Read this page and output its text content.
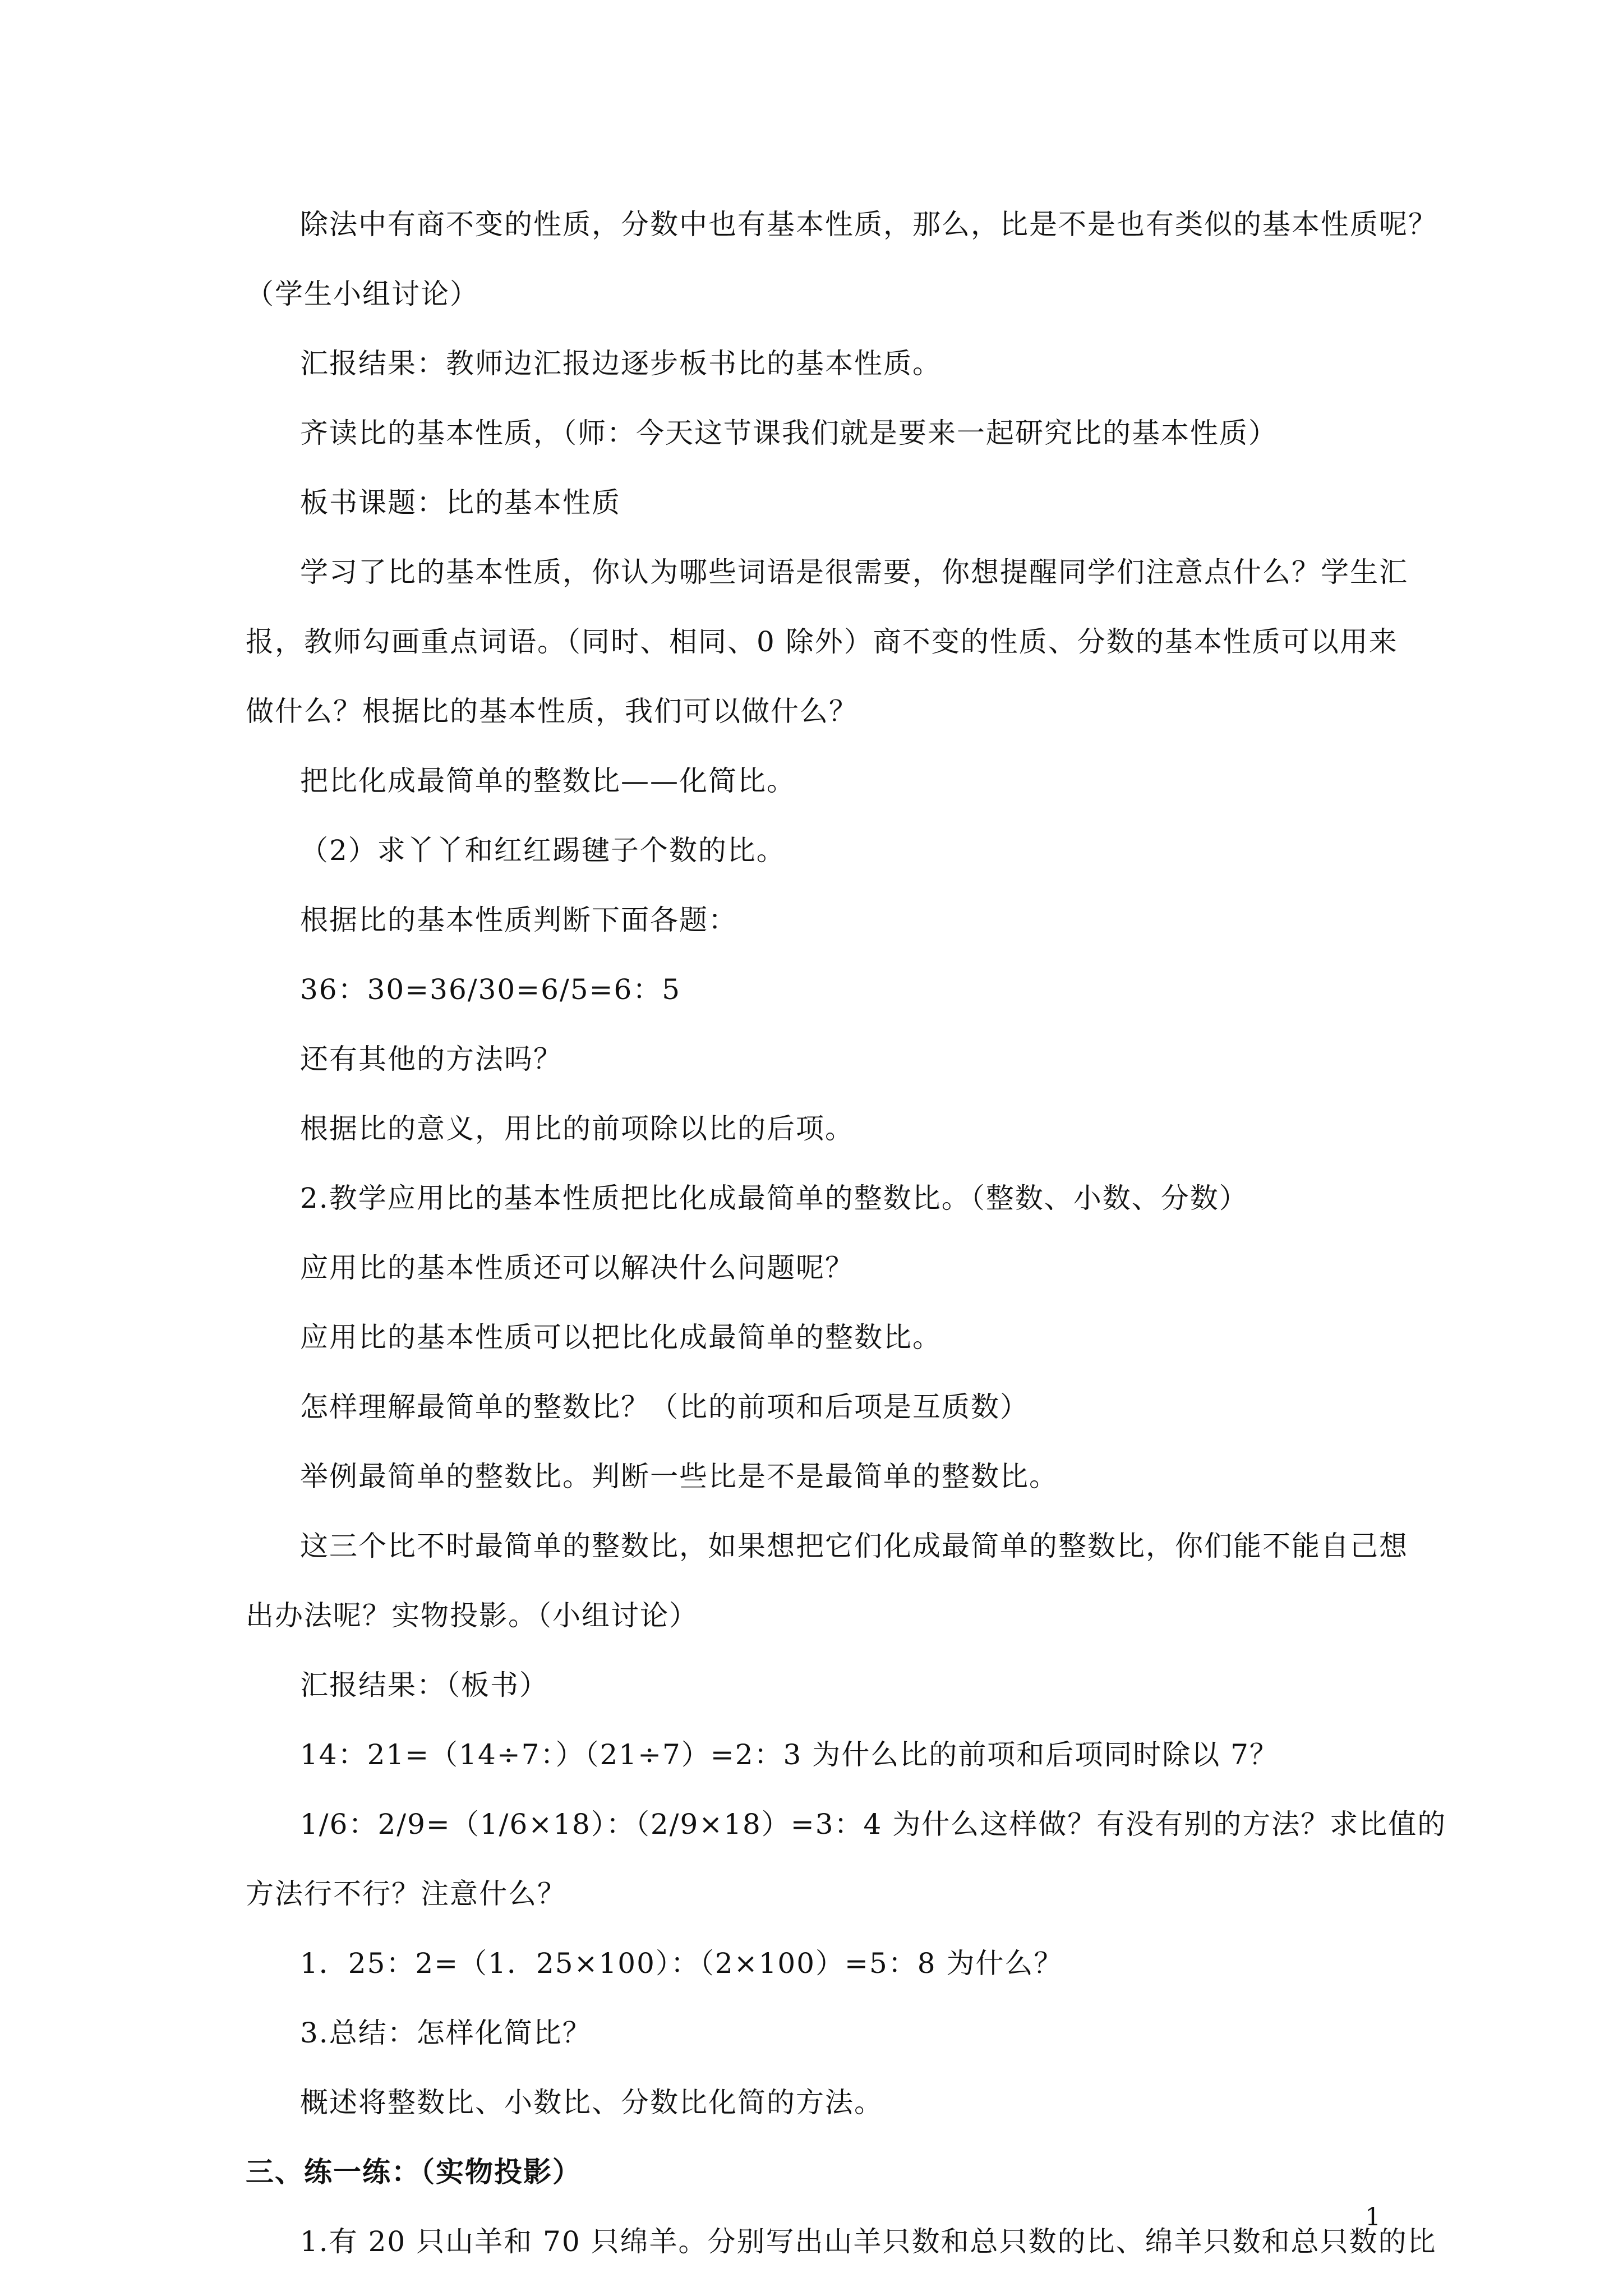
除法中有商不变的性质，分数中也有基本性质，那么，比是不是也有类似的基本性质呢？
（学生小组讨论）
汇报结果：教师边汇报边逐步板书比的基本性质。
齐读比的基本性质，（师：今天这节课我们就是要来一起研究比的基本性质）
板书课题：比的基本性质
学习了比的基本性质，你认为哪些词语是很需要，你想提醒同学们注意点什么？学生汇
报，教师勾画重点词语。（同时、相同、0 除外）商不变的性质、分数的基本性质可以用来
做什么？根据比的基本性质，我们可以做什么？
把比化成最简单的整数比——化简比。
（2）求丫丫和红红踢毽子个数的比。
根据比的基本性质判断下面各题：
36：30=36/30=6/5=6：5
还有其他的方法吗？
根据比的意义，用比的前项除以比的后项。
2.教学应用比的基本性质把比化成最简单的整数比。（整数、小数、分数）
应用比的基本性质还可以解决什么问题呢？
应用比的基本性质可以把比化成最简单的整数比。
怎样理解最简单的整数比？（比的前项和后项是互质数）
举例最简单的整数比。判断一些比是不是最简单的整数比。
这三个比不时最简单的整数比，如果想把它们化成最简单的整数比，你们能不能自己想
出办法呢？实物投影。（小组讨论）
汇报结果：（板书）
14：21=（14÷7：）（21÷7）=2：3 为什么比的前项和后项同时除以 7？
1/6：2/9=（1/6×18）：（2/9×18）=3：4 为什么这样做？有没有别的方法？求比值的
方法行不行？注意什么？
1．25：2=（1．25×100）：（2×100）=5：8 为什么？
3.总结：怎样化简比？
概述将整数比、小数比、分数比化简的方法。
三、练一练：（实物投影）
1.有 20 只山羊和 70 只绵羊。分别写出山羊只数和总只数的比、绵羊只数和总只数的比
1
